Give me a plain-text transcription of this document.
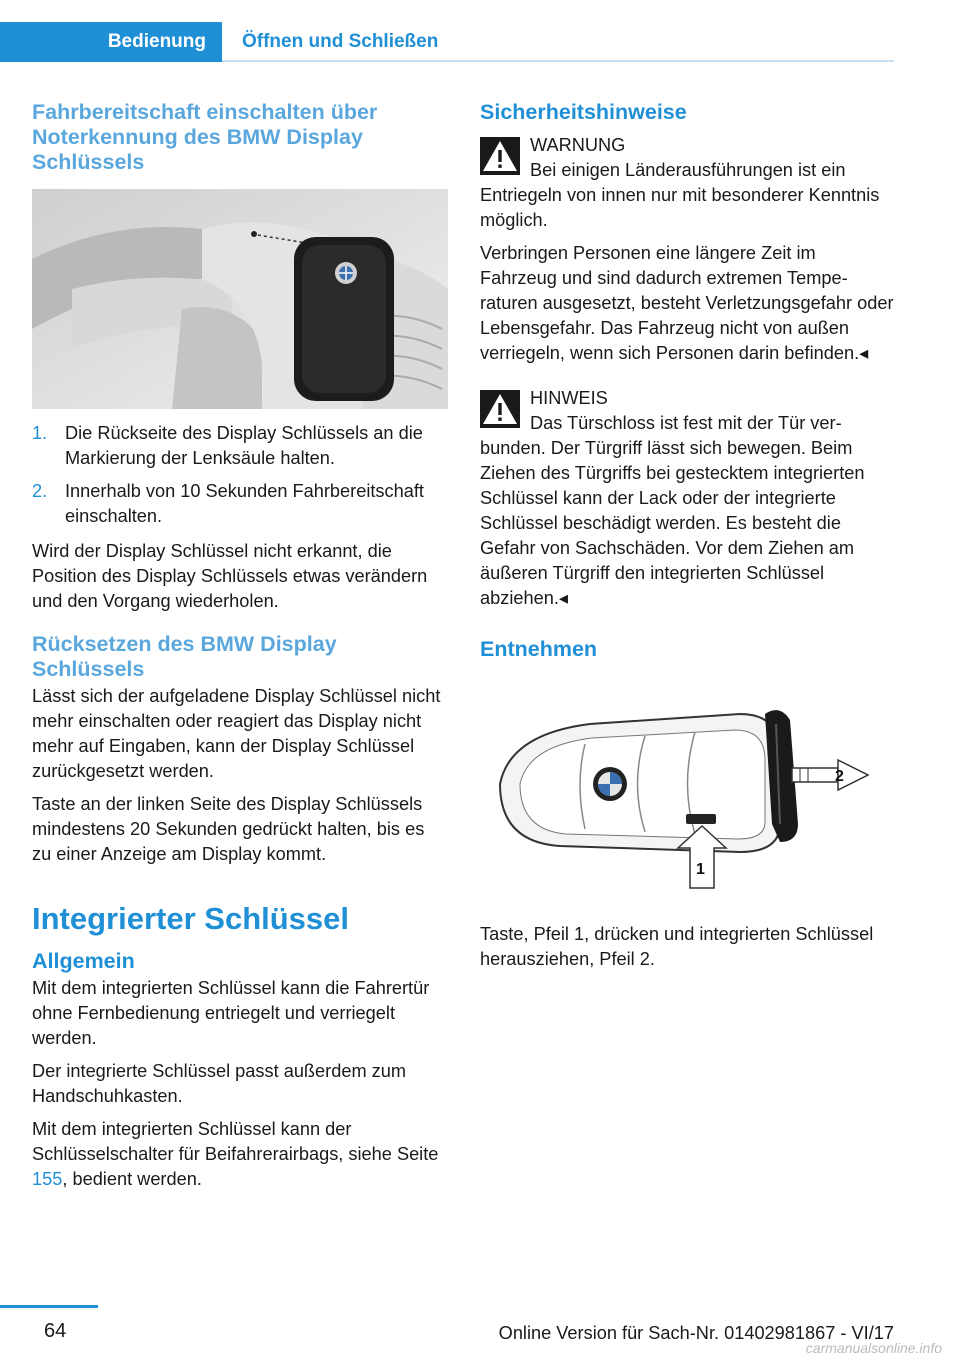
Bedienung	Öffnen und Schließen
Fahrbereitschaft einschalten über Noterkennung des BMW Display Schlüssels
1. Die Rückseite des Display Schlüssels an die Markierung der Lenksäule halten.
2. Innerhalb von 10 Sekunden Fahrbereitschaft einschalten.

Wird der Display Schlüssel nicht erkannt, die Position des Display Schlüssels etwas verändern und den Vorgang wiederholen.

Rücksetzen des BMW Display Schlüssels

Lässt sich der aufgeladene Display Schlüssel nicht mehr einschalten oder reagiert das Display nicht mehr auf Eingaben, kann der Display Schlüssel zurückgesetzt werden.

Taste an der linken Seite des Display Schlüssels mindestens 20 Sekunden gedrückt halten, bis es zu einer Anzeige am Display kommt.

Integrierter Schlüssel
Allgemein

Mit dem integrierten Schlüssel kann die Fahrertür ohne Fernbedienung entriegelt und verriegelt werden.

Der integrierte Schlüssel passt außerdem zum Handschuhkasten.

Mit dem integrierten Schlüssel kann der Schlüsselschalter für Beifahrerairbags, siehe Seite 155, bedient werden.

Sicherheitshinweise
WARNUNG
Bei einigen Länderausführungen ist ein
Entriegeln von innen nur mit besonderer Kenntnis möglich.

Verbringen Personen eine längere Zeit im Fahrzeug und sind dadurch extremen Temperaturen ausgesetzt, besteht Verletzungsgefahr oder Lebensgefahr. Das Fahrzeug nicht von außen verriegeln, wenn sich Personen darin befinden.◂

HINWEIS
Das Türschloss ist fest mit der Tür ver-
bunden. Der Türgriff lässt sich bewegen. Beim Ziehen des Türgriffs bei gestecktem integrierten Schlüssel kann der Lack oder der integrierte Schlüssel beschädigt werden. Es besteht die Gefahr von Sachschäden. Vor dem Ziehen am äußeren Türgriff den integrierten Schlüssel abziehen.◂
Entnehmen
2
1

Taste, Pfeil 1, drücken und integrierten Schlüssel herausziehen, Pfeil 2.

64	Online Version für Sach-Nr. 01402981867 - VI/17
carmanualsonline.info
